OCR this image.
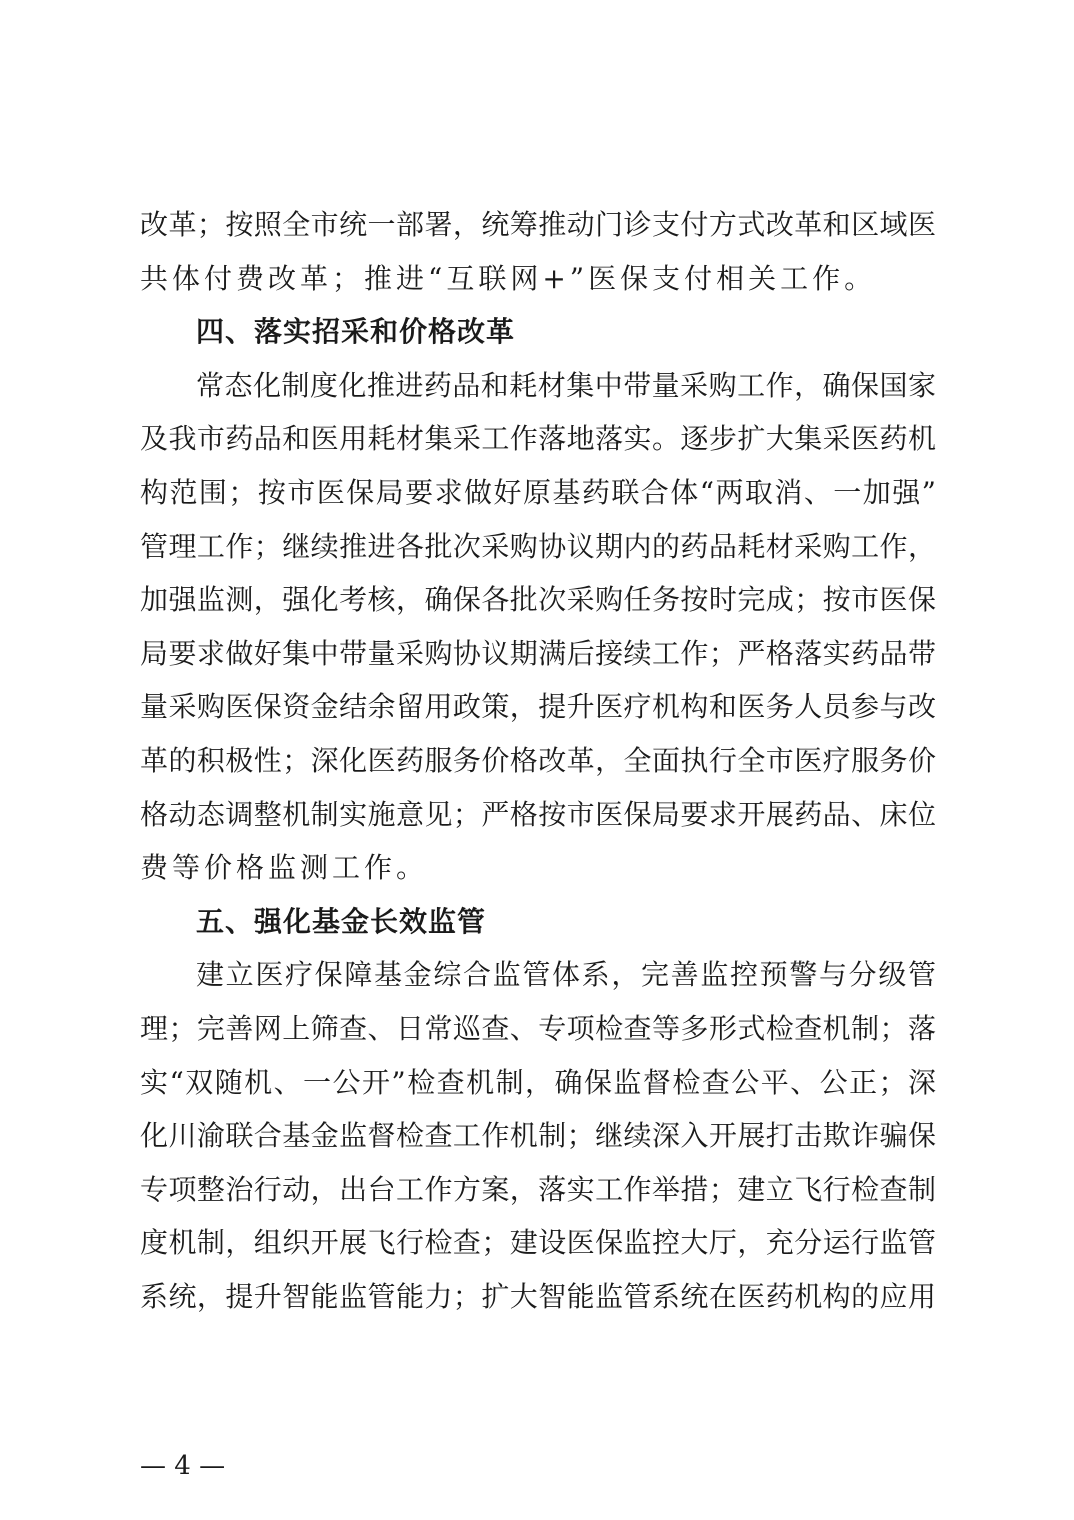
改革；按照全市统一部署，统筹推动门诊支付方式改革和区域医
共体付费改革；推进“互联网+”医保支付相关工作。
四、落实招采和价格改革
常态化制度化推进药品和耗材集中带量采购工作，确保国家
及我市药品和医用耗材集采工作落地落实。逐步扩大集采医药机
构范围；按市医保局要求做好原基药联合体“两取消、一加强”
管理工作；继续推进各批次采购协议期内的药品耗材采购工作，
加强监测，强化考核，确保各批次采购任务按时完成；按市医保
局要求做好集中带量采购协议期满后接续工作；严格落实药品带
量采购医保资金结余留用政策，提升医疗机构和医务人员参与改
革的积极性；深化医药服务价格改革，全面执行全市医疗服务价
格动态调整机制实施意见；严格按市医保局要求开展药品、床位
费等价格监测工作。
五、强化基金长效监管
建立医疗保障基金综合监管体系，完善监控预警与分级管
理；完善网上筛查、日常巡查、专项检查等多形式检查机制；落
实“双随机、一公开”检查机制，确保监督检查公平、公正；深
化川渝联合基金监督检查工作机制；继续深入开展打击欺诈骗保
专项整治行动，出台工作方案，落实工作举措；建立飞行检查制
度机制，组织开展飞行检查；建设医保监控大厅，充分运行监管
系统，提升智能监管能力；扩大智能监管系统在医药机构的应用
— 4 —
